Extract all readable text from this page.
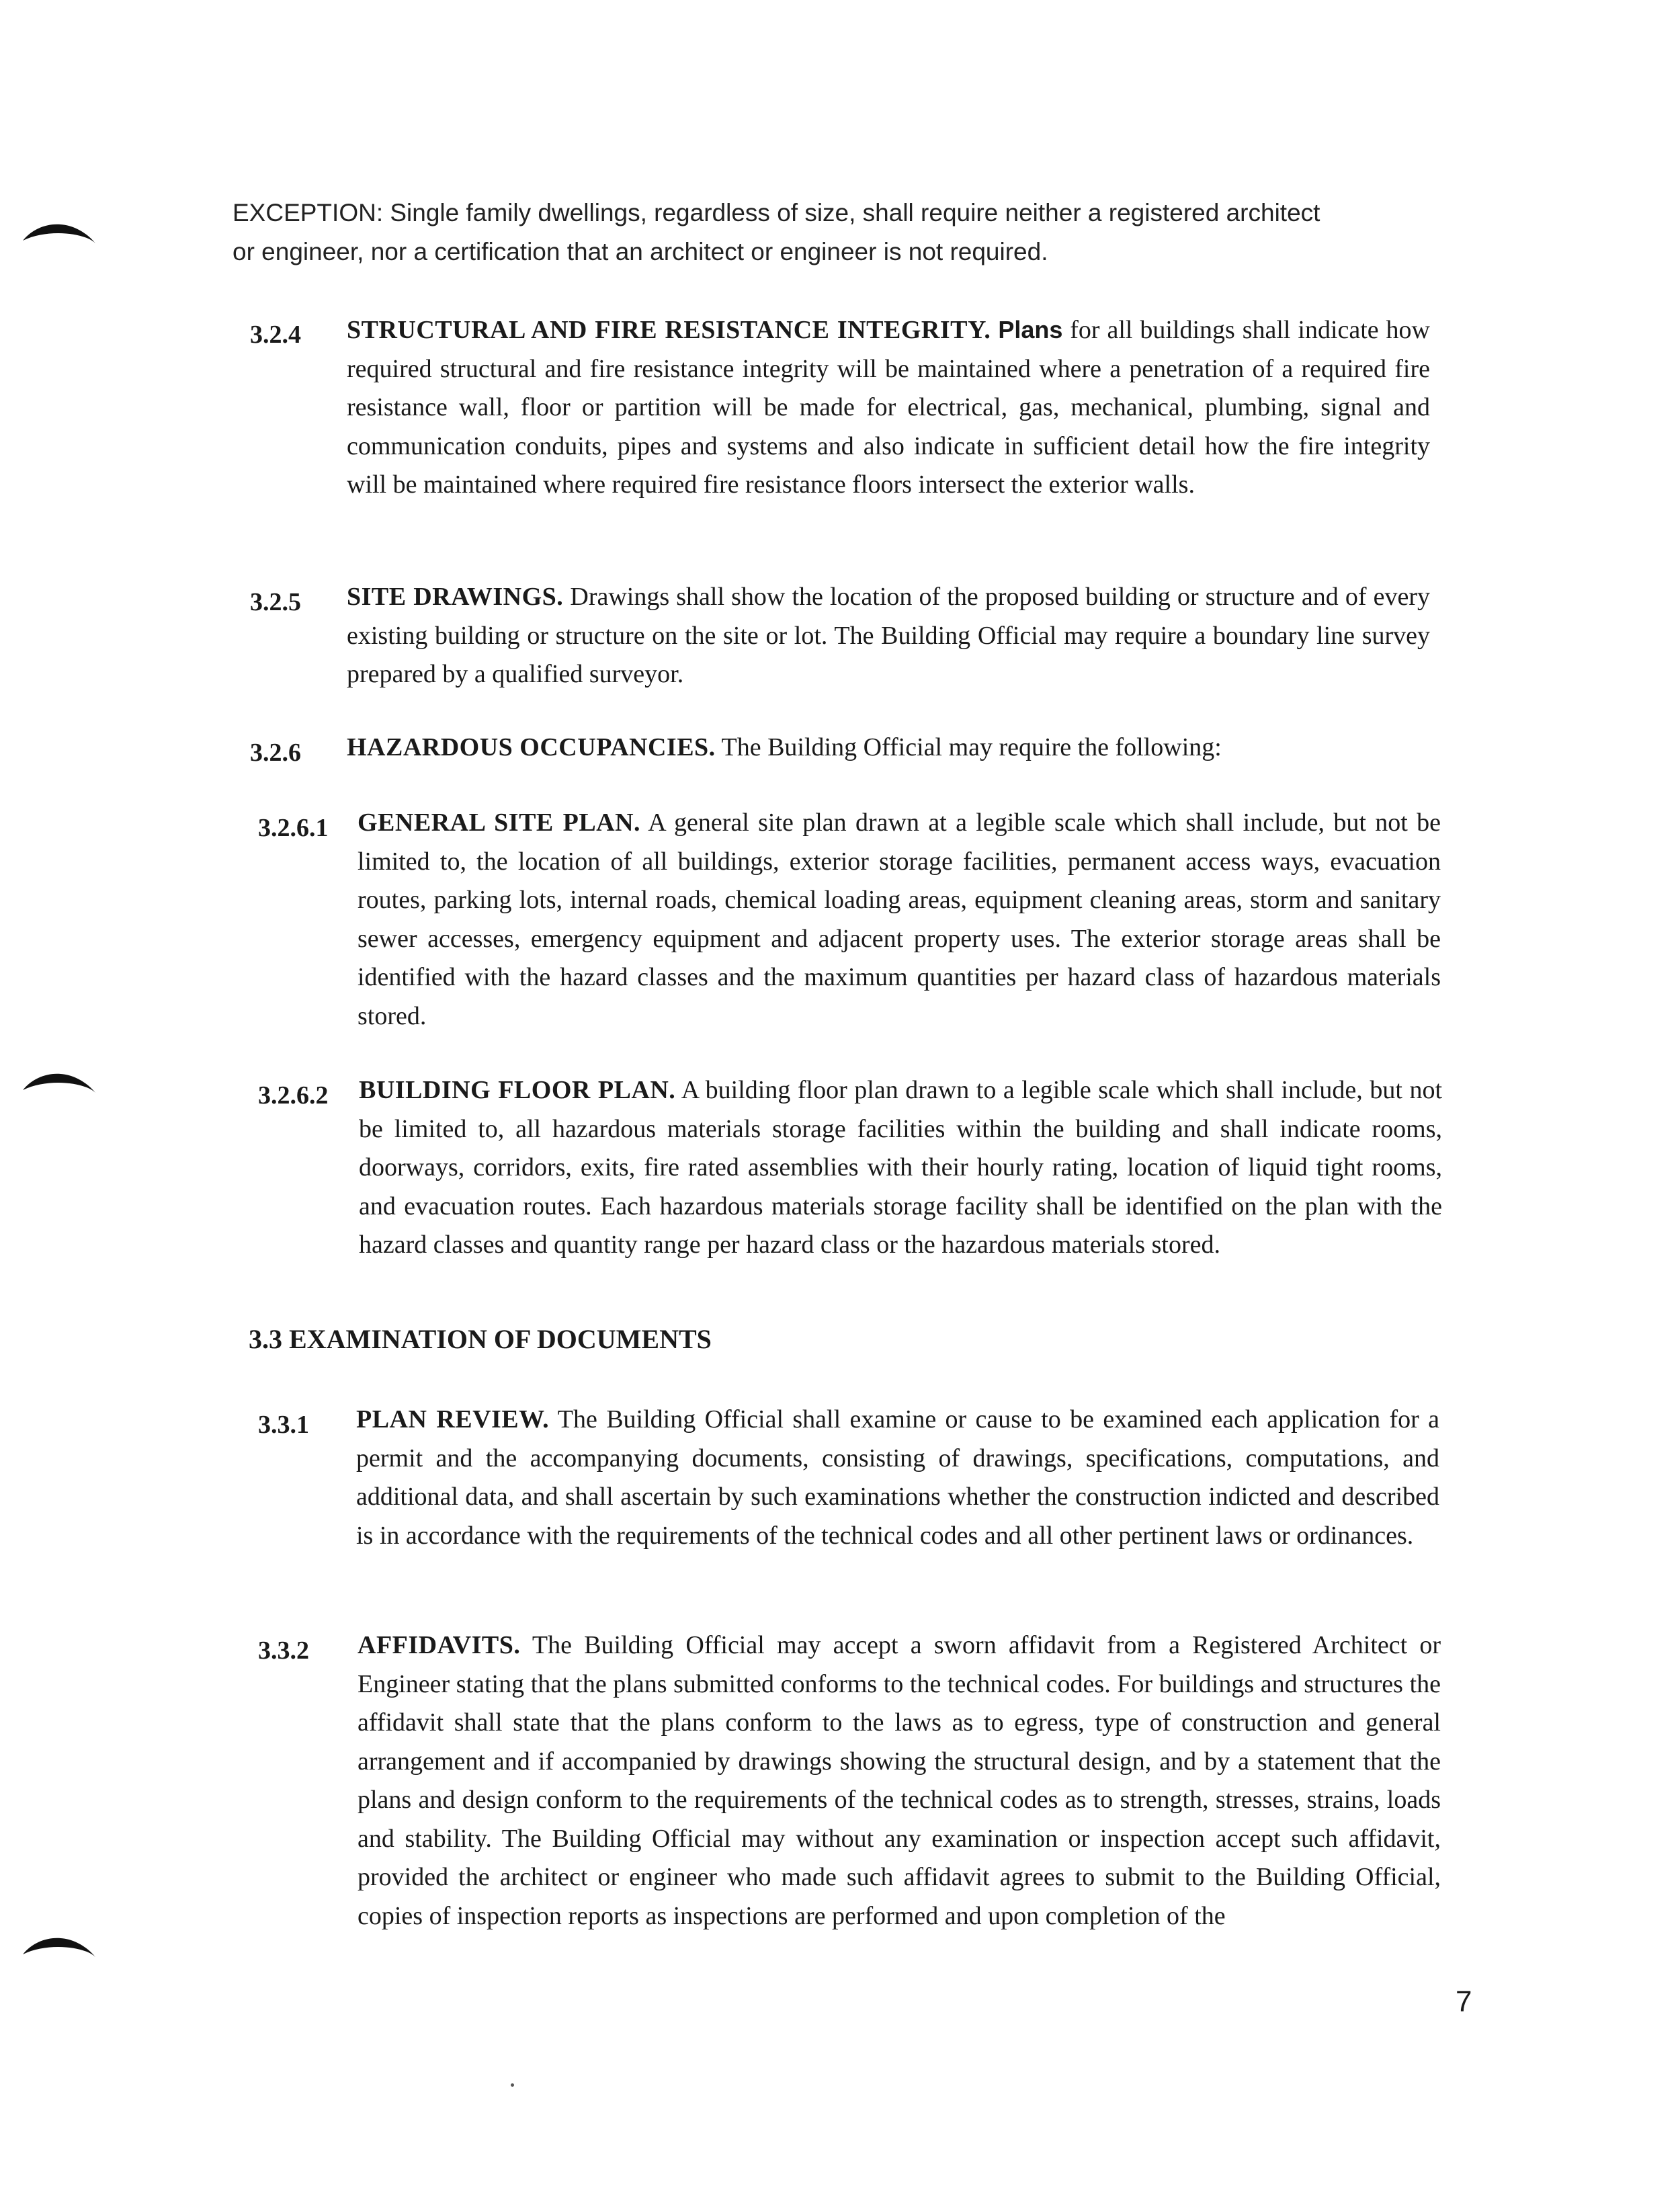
EXCEPTION: Single family dwellings, regardless of size, shall require neither a registered architect
or engineer, nor a certification that an architect or engineer is not required.
3.2.4 STRUCTURAL AND FIRE RESISTANCE INTEGRITY. Plans for all buildings shall indicate how required structural and fire resistance integrity will be maintained where a penetration of a required fire resistance wall, floor or partition will be made for electrical, gas, mechanical, plumbing, signal and communication conduits, pipes and systems and also indicate in sufficient detail how the fire integrity will be maintained where required fire resistance floors intersect the exterior walls.
3.2.5 SITE DRAWINGS. Drawings shall show the location of the proposed building or structure and of every existing building or structure on the site or lot. The Building Official may require a boundary line survey prepared by a qualified surveyor.
3.2.6 HAZARDOUS OCCUPANCIES. The Building Official may require the following:
3.2.6.1 GENERAL SITE PLAN. A general site plan drawn at a legible scale which shall include, but not be limited to, the location of all buildings, exterior storage facilities, permanent access ways, evacuation routes, parking lots, internal roads, chemical loading areas, equipment cleaning areas, storm and sanitary sewer accesses, emergency equipment and adjacent property uses. The exterior storage areas shall be identified with the hazard classes and the maximum quantities per hazard class of hazardous materials stored.
3.2.6.2 BUILDING FLOOR PLAN. A building floor plan drawn to a legible scale which shall include, but not be limited to, all hazardous materials storage facilities within the building and shall indicate rooms, doorways, corridors, exits, fire rated assemblies with their hourly rating, location of liquid tight rooms, and evacuation routes. Each hazardous materials storage facility shall be identified on the plan with the hazard classes and quantity range per hazard class or the hazardous materials stored.
3.3 EXAMINATION OF DOCUMENTS
3.3.1 PLAN REVIEW. The Building Official shall examine or cause to be examined each application for a permit and the accompanying documents, consisting of drawings, specifications, computations, and additional data, and shall ascertain by such examinations whether the construction indicted and described is in accordance with the requirements of the technical codes and all other pertinent laws or ordinances.
3.3.2 AFFIDAVITS. The Building Official may accept a sworn affidavit from a Registered Architect or Engineer stating that the plans submitted conforms to the technical codes. For buildings and structures the affidavit shall state that the plans conform to the laws as to egress, type of construction and general arrangement and if accompanied by drawings showing the structural design, and by a statement that the plans and design conform to the requirements of the technical codes as to strength, stresses, strains, loads and stability. The Building Official may without any examination or inspection accept such affidavit, provided the architect or engineer who made such affidavit agrees to submit to the Building Official, copies of inspection reports as inspections are performed and upon completion of the
7
